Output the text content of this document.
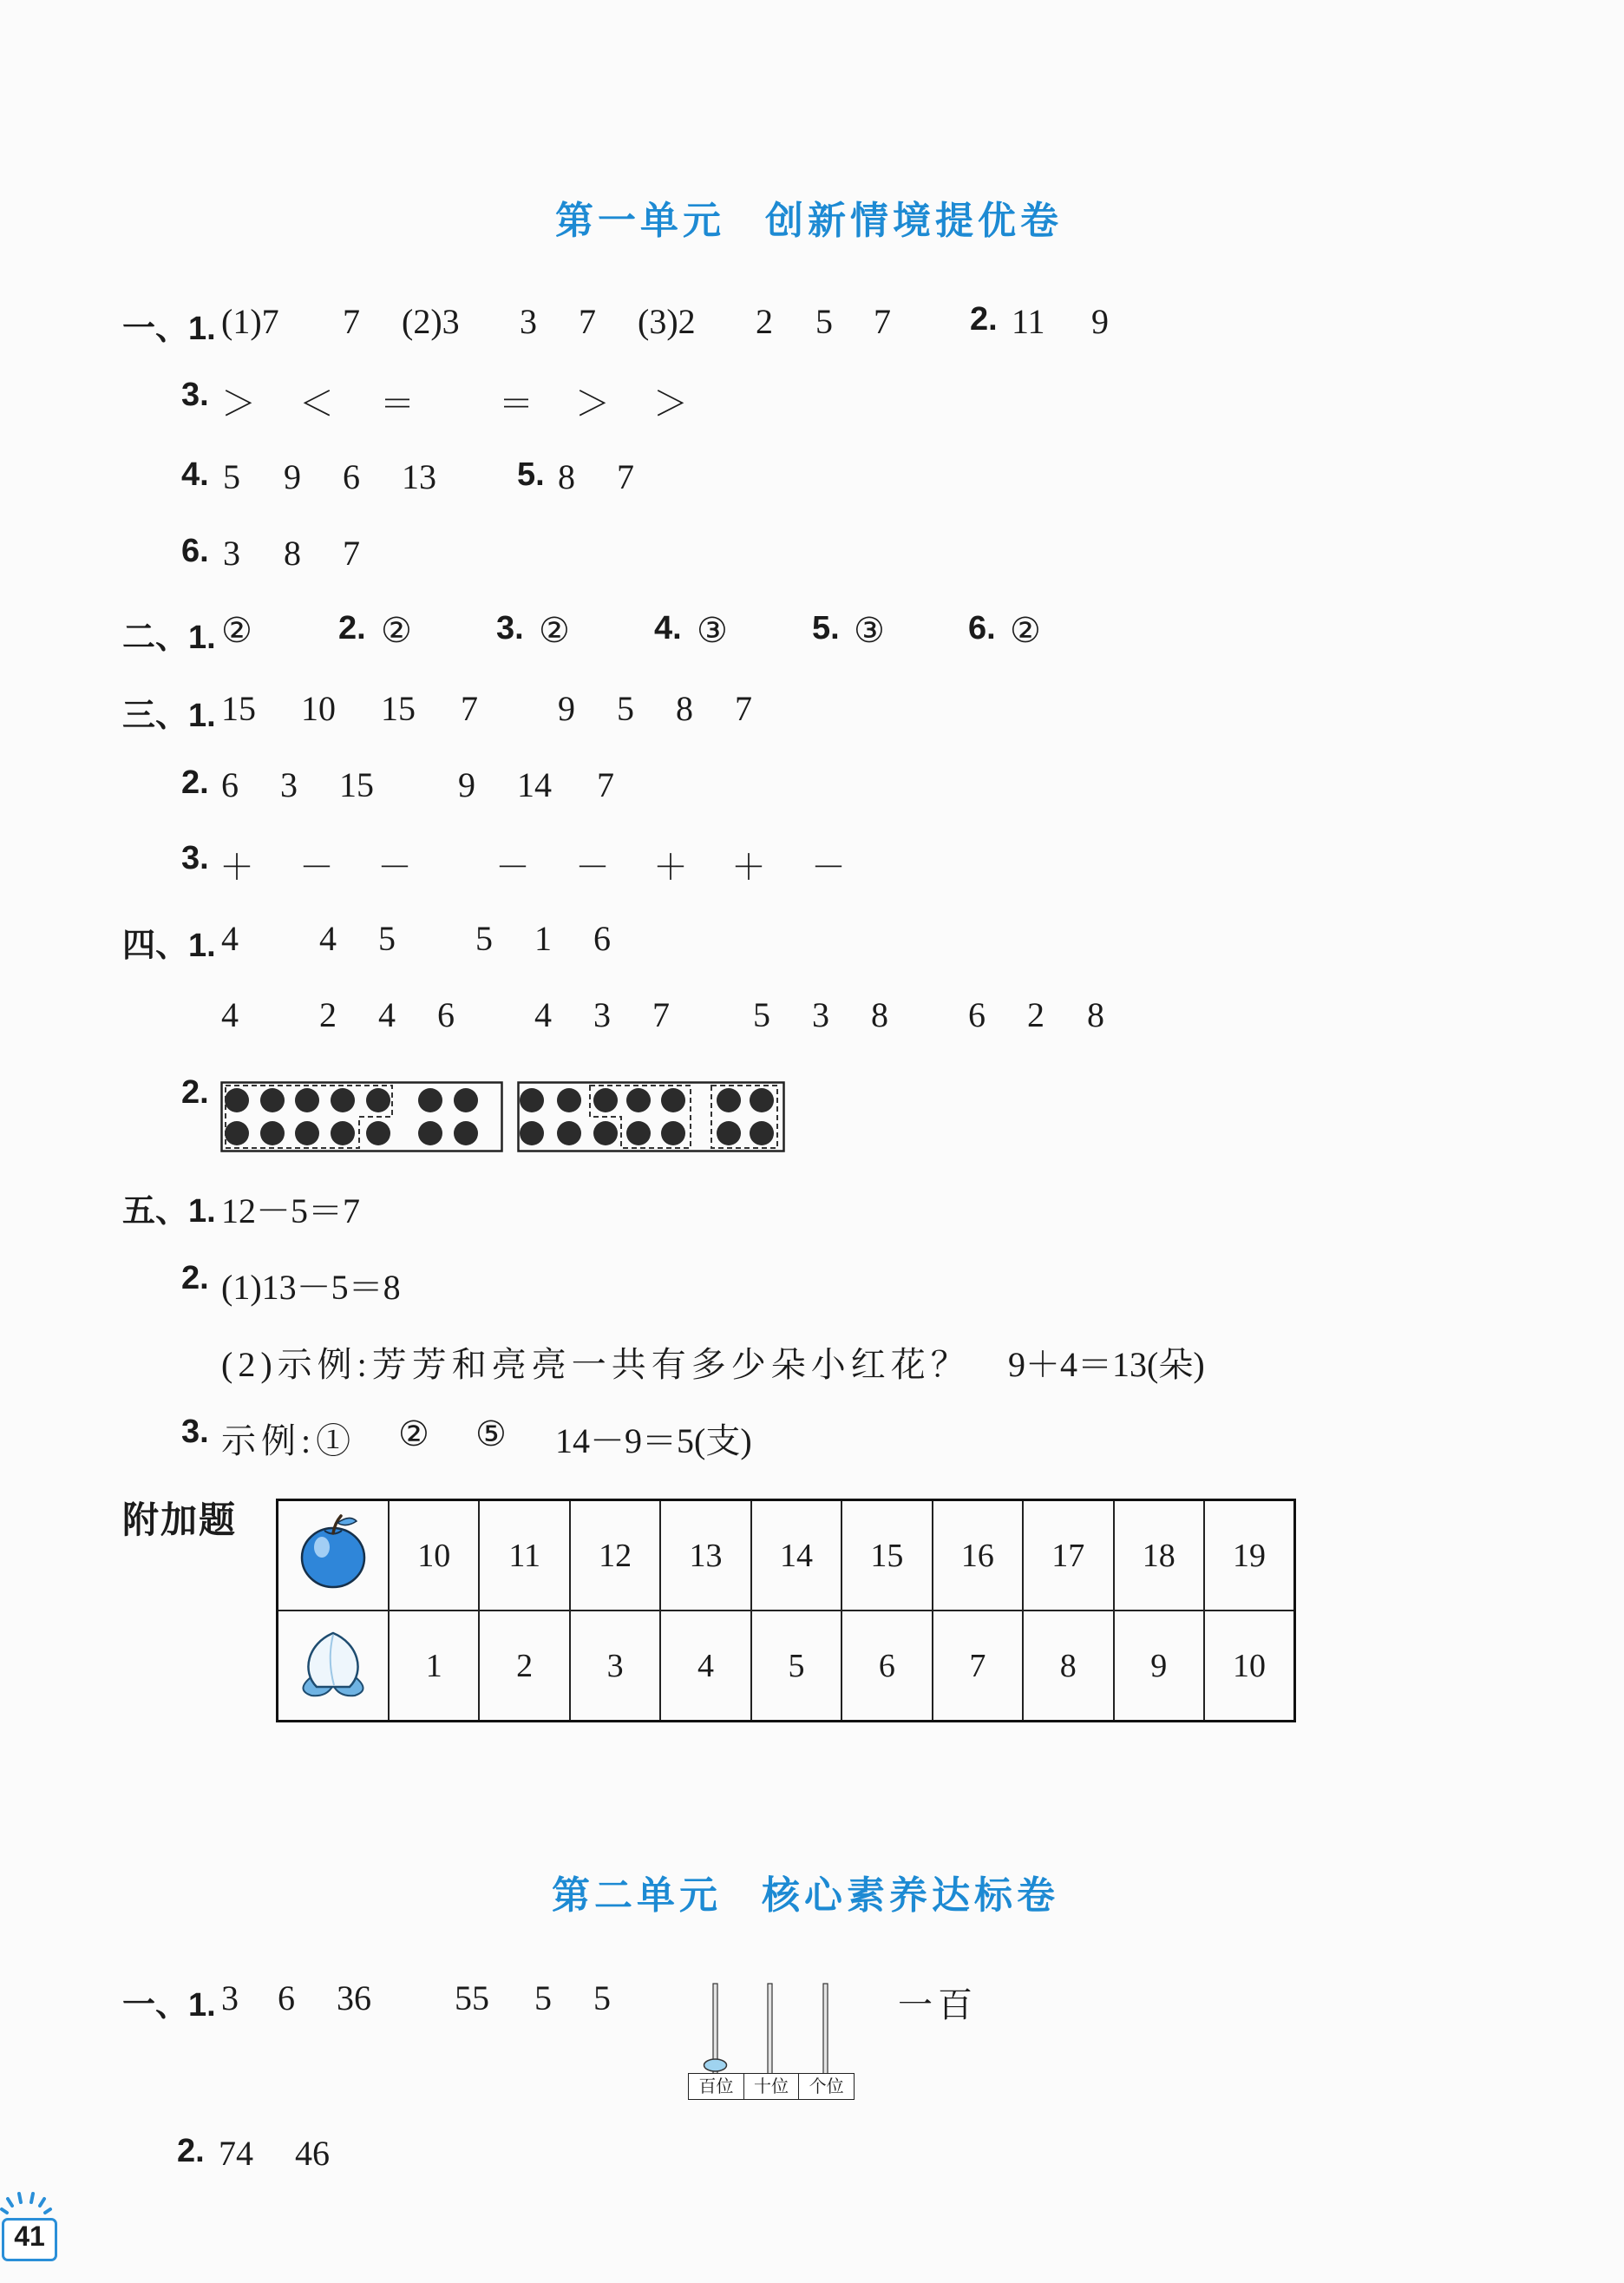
第一单元 创新情境提优卷
一、1. (1)7 7 (2)3 3 7 (3)2 2 5 7 2. 11 9
3. ＞ ＜ ＝ ＝ ＞ ＞
4. 5 9 6 13 5. 8 7
6. 3 8 7
二、1. ②	2. ②	3. ②	4. ③	5. ③	6. ②
三、1. 15 10 15 7 9 5 8 7
2. 6 3 15 9 14 7
3. ＋ － － － － ＋ ＋ －
四、1. 4 4 5 5 1 6
4 2 4 6 4 3 7 5 3 8 6 2 8
2.
五、1. 12－5＝7
2. (1)13－5＝8
(2)示例:芳芳和亮亮一共有多少朵小红花？ 9＋4＝13(朵)
3. 示例:① ② ⑤ 14－9＝5(支)
附加题
	10	11	12	13	14	15	16	17	18	19
	1	2	3	4	5	6	7	8	9	10
第二单元 核心素养达标卷
一、1. 3 6 36 55 5 5
百位	十位	个位
一百
2. 74 46
41
